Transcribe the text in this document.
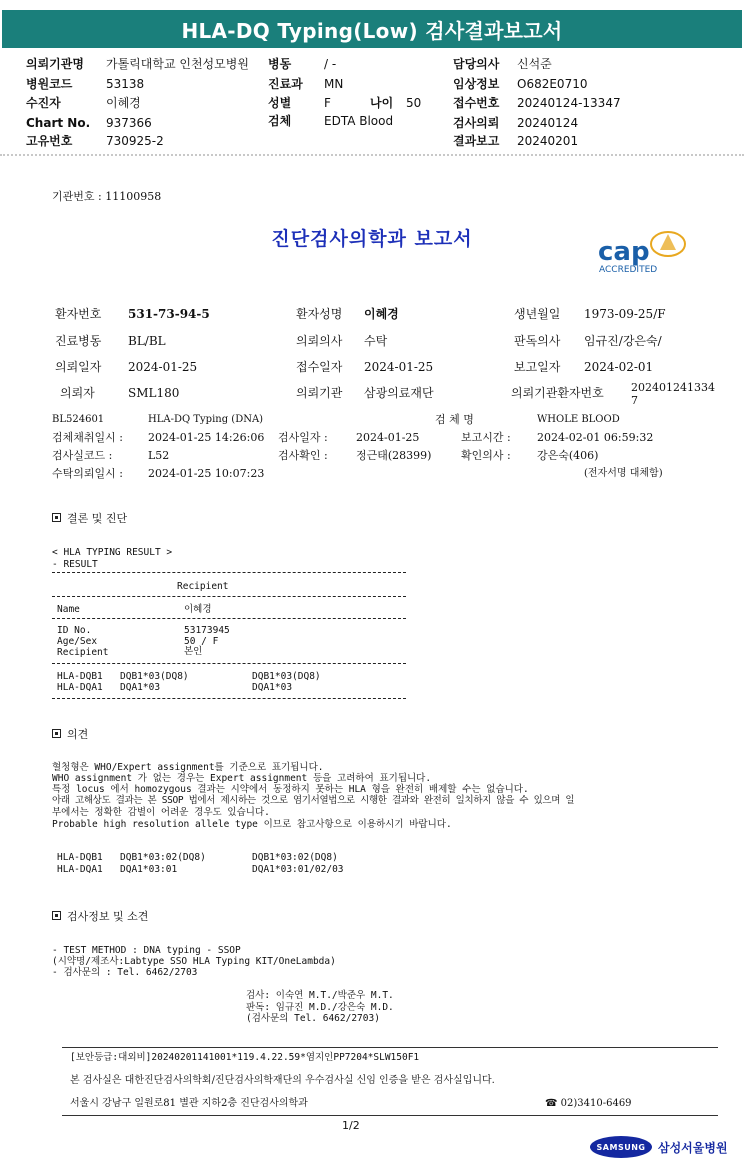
HLA-DQ Typing(Low) 검사결과보고서
의뢰기관명 가톨릭대학교 인천성모병원 병동	/ -	담당의사 신석준
병원코드	53138	진료과 MN	임상정보 O682E0710
수진자	이혜경	성별	F	나이 50	접수번호 20240124-13347
Chart No. 937366	검체	EDTA Blood	검사의뢰 20240124
고유번호	730925-2	결과보고 20240201
기관번호 : 11100958
진단검사의학과 보고서	cap
ACCREDITED
환자번호 531-73-94-5	환자성명 이혜경	생년월일 1973-09-25/F
진료병동 BL/BL	의뢰의사 수탁	판독의사 임규진/강은숙/
의뢰일자 2024-01-25	접수일자 2024-01-25	보고일자 2024-02-01
의뢰자	SML180	의뢰기관 삼광의료재단	의뢰기관환자번호 202401241334
7
BL524601	HLA-DQ Typing (DNA)	검 체 명	WHOLE BLOOD
검체채취일시 : 2024-01-25 14:26:06 검사일자 :	2024-01-25	보고시간 : 2024-02-01 06:59:32
검사실코드 :	L52	검사확인 :	정근태(28399)	확인의사 : 강은숙(406)
수탁의뢰일시 : 2024-01-25 10:07:23	(전자서명 대체함)
결론 및 진단
< HLA TYPING RESULT >
- RESULT
Recipient
Name	이혜경
ID No.	53173945
Age/Sex	50 / F
Recipient	본인
HLA-DQB1 DQB1*03(DQ8)	DQB1*03(DQ8)
HLA-DQA1 DQA1*03	DQA1*03
의견
혈청형은 WHO/Expert assignment를 기준으로 표기됩니다.
WHO assignment 가 없는 경우는 Expert assignment 등을 고려하여 표기됩니다.
특정 locus 에서 homozygous 결과는 시약에서 동정하지 못하는 HLA 형을 완전히 배제할 수는 없습니다.
아래 고해상도 결과는 본 SSOP 법에서 제시하는 것으로 염기서열법으로 시행한 결과와 완전히 일치하지 않을 수 있으며 일
부에서는 정확한 감별이 어려운 경우도 있습니다.
Probable high resolution allele type 이므로 참고사항으로 이용하시기 바랍니다.
HLA-DQB1 DQB1*03:02(DQ8)	DQB1*03:02(DQ8)
HLA-DQA1 DQA1*03:01	DQA1*03:01/02/03
검사정보 및 소견
- TEST METHOD : DNA typing - SSOP
(시약명/제조사:Labtype SSO HLA Typing KIT/OneLambda)
- 검사문의 : Tel. 6462/2703
검사: 이숙연 M.T./박준우 M.T.
판독: 임규진 M.D./강은숙 M.D.
(검사문의 Tel. 6462/2703)
[보안등급:대외비]20240201141001*119.4.22.59*염지인PP7204*SLW150F1
본 검사실은 대한진단검사의학회/진단검사의학재단의 우수검사실 신임 인증을 받은 검사실입니다.
서울시 강남구 일원로81 별관 지하2층 진단검사의학과	☎ 02)3410-6469
1/2
SAMSUNG	삼성서울병원
